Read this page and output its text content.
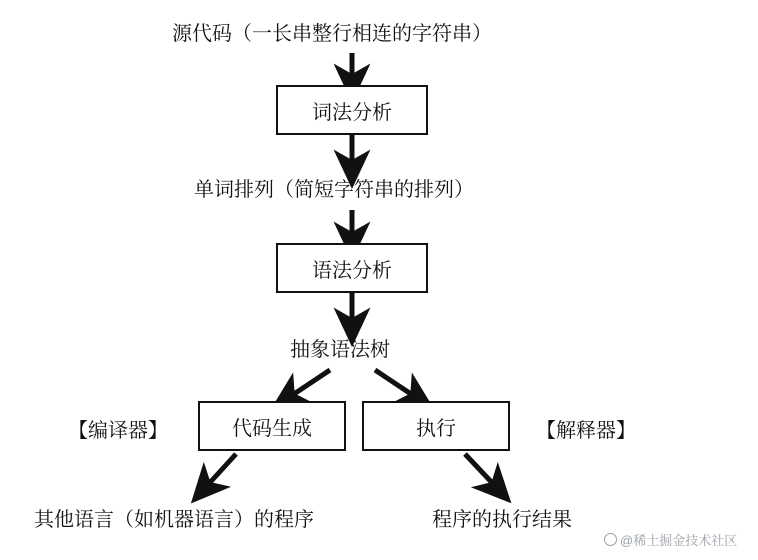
源代码（一长串整行相连的字符串）
词法分析
单词排列（简短字符串的排列）
语法分析
抽象语法树
代码生成	执行
【编译器】	【解释器】
其他语言（如机器语言）的程序	程序的执行结果
@稀土掘金技术社区
